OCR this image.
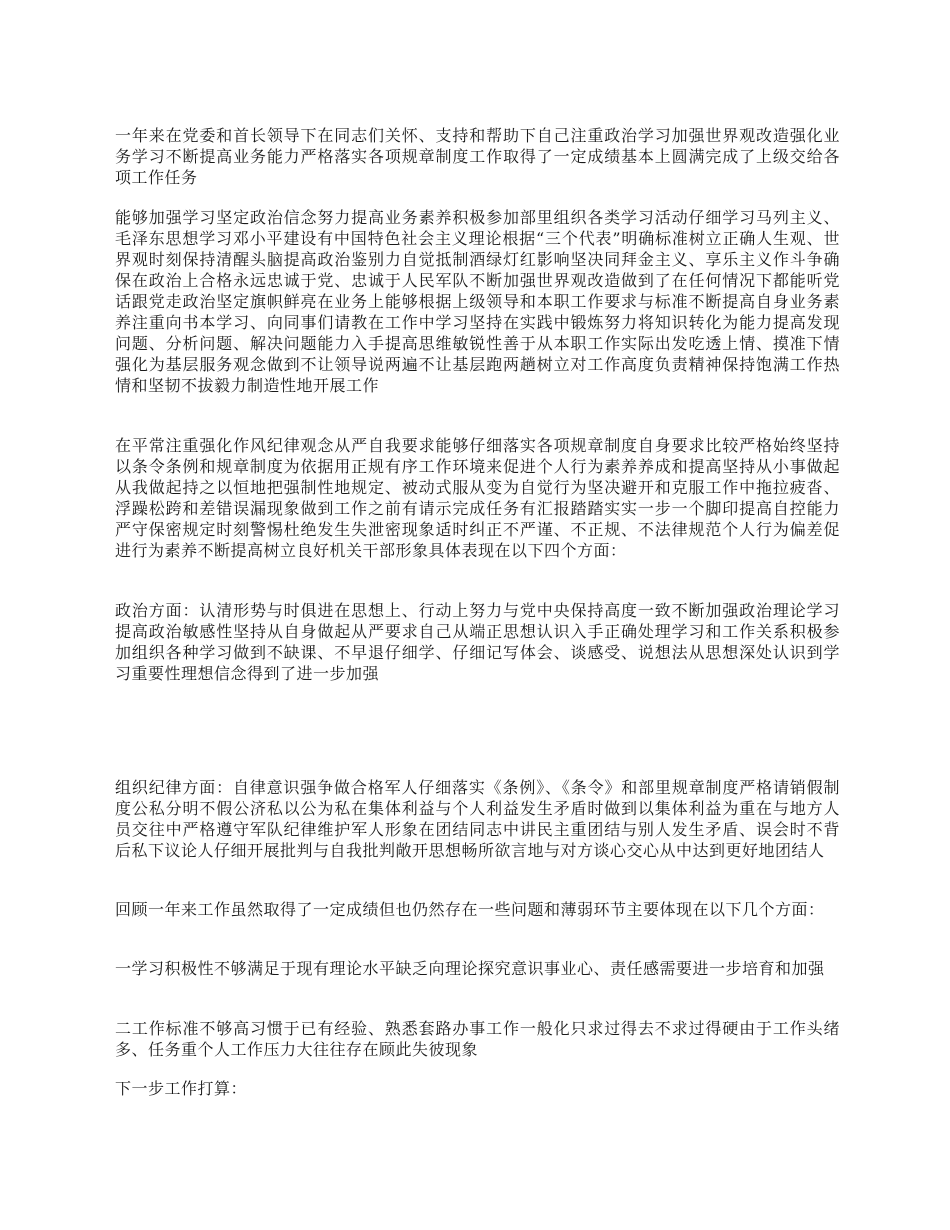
一年来在党委和首长领导下在同志们关怀、支持和帮助下自己注重政治学习加强世界观改造强化业务学习不断提高业务能力严格落实各项规章制度工作取得了一定成绩基本上圆满完成了上级交给各项工作任务

能够加强学习坚定政治信念努力提高业务素养积极参加部里组织各类学习活动仔细学习马列主义、毛泽东思想学习邓小平建设有中国特色社会主义理论根据“三个代表”明确标准树立正确人生观、世界观时刻保持清醒头脑提高政治鉴别力自觉抵制酒绿灯红影响坚决同拜金主义、享乐主义作斗争确保在政治上合格永远忠诚于党、忠诚于人民军队不断加强世界观改造做到了在任何情况下都能听党话跟党走政治坚定旗帜鲜亮在业务上能够根据上级领导和本职工作要求与标准不断提高自身业务素养注重向书本学习、向同事们请教在工作中学习坚持在实践中锻炼努力将知识转化为能力提高发现问题、分析问题、解决问题能力入手提高思维敏锐性善于从本职工作实际出发吃透上情、摸准下情强化为基层服务观念做到不让领导说两遍不让基层跑两趟树立对工作高度负责精神保持饱满工作热情和坚韧不拔毅力制造性地开展工作

在平常注重强化作风纪律观念从严自我要求能够仔细落实各项规章制度自身要求比较严格始终坚持以条令条例和规章制度为依据用正规有序工作环境来促进个人行为素养养成和提高坚持从小事做起从我做起持之以恒地把强制性地规定、被动式服从变为自觉行为坚决避开和克服工作中拖拉疲沓、浮躁松跨和差错误漏现象做到工作之前有请示完成任务有汇报踏踏实实一步一个脚印提高自控能力严守保密规定时刻警惕杜绝发生失泄密现象适时纠正不严谨、不正规、不法律规范个人行为偏差促进行为素养不断提高树立良好机关干部形象具体表现在以下四个方面：

政治方面：认清形势与时俱进在思想上、行动上努力与党中央保持高度一致不断加强政治理论学习提高政治敏感性坚持从自身做起从严要求自己从端正思想认识入手正确处理学习和工作关系积极参加组织各种学习做到不缺课、不早退仔细学、仔细记写体会、谈感受、说想法从思想深处认识到学习重要性理想信念得到了进一步加强

组织纪律方面：自律意识强争做合格军人仔细落实《条例》、《条令》和部里规章制度严格请销假制度公私分明不假公济私以公为私在集体利益与个人利益发生矛盾时做到以集体利益为重在与地方人员交往中严格遵守军队纪律维护军人形象在团结同志中讲民主重团结与别人发生矛盾、误会时不背后私下议论人仔细开展批判与自我批判敞开思想畅所欲言地与对方谈心交心从中达到更好地团结人

回顾一年来工作虽然取得了一定成绩但也仍然存在一些问题和薄弱环节主要体现在以下几个方面：

一学习积极性不够满足于现有理论水平缺乏向理论探究意识事业心、责任感需要进一步培育和加强

二工作标准不够高习惯于已有经验、熟悉套路办事工作一般化只求过得去不求过得硬由于工作头绪多、任务重个人工作压力大往往存在顾此失彼现象

下一步工作打算：
